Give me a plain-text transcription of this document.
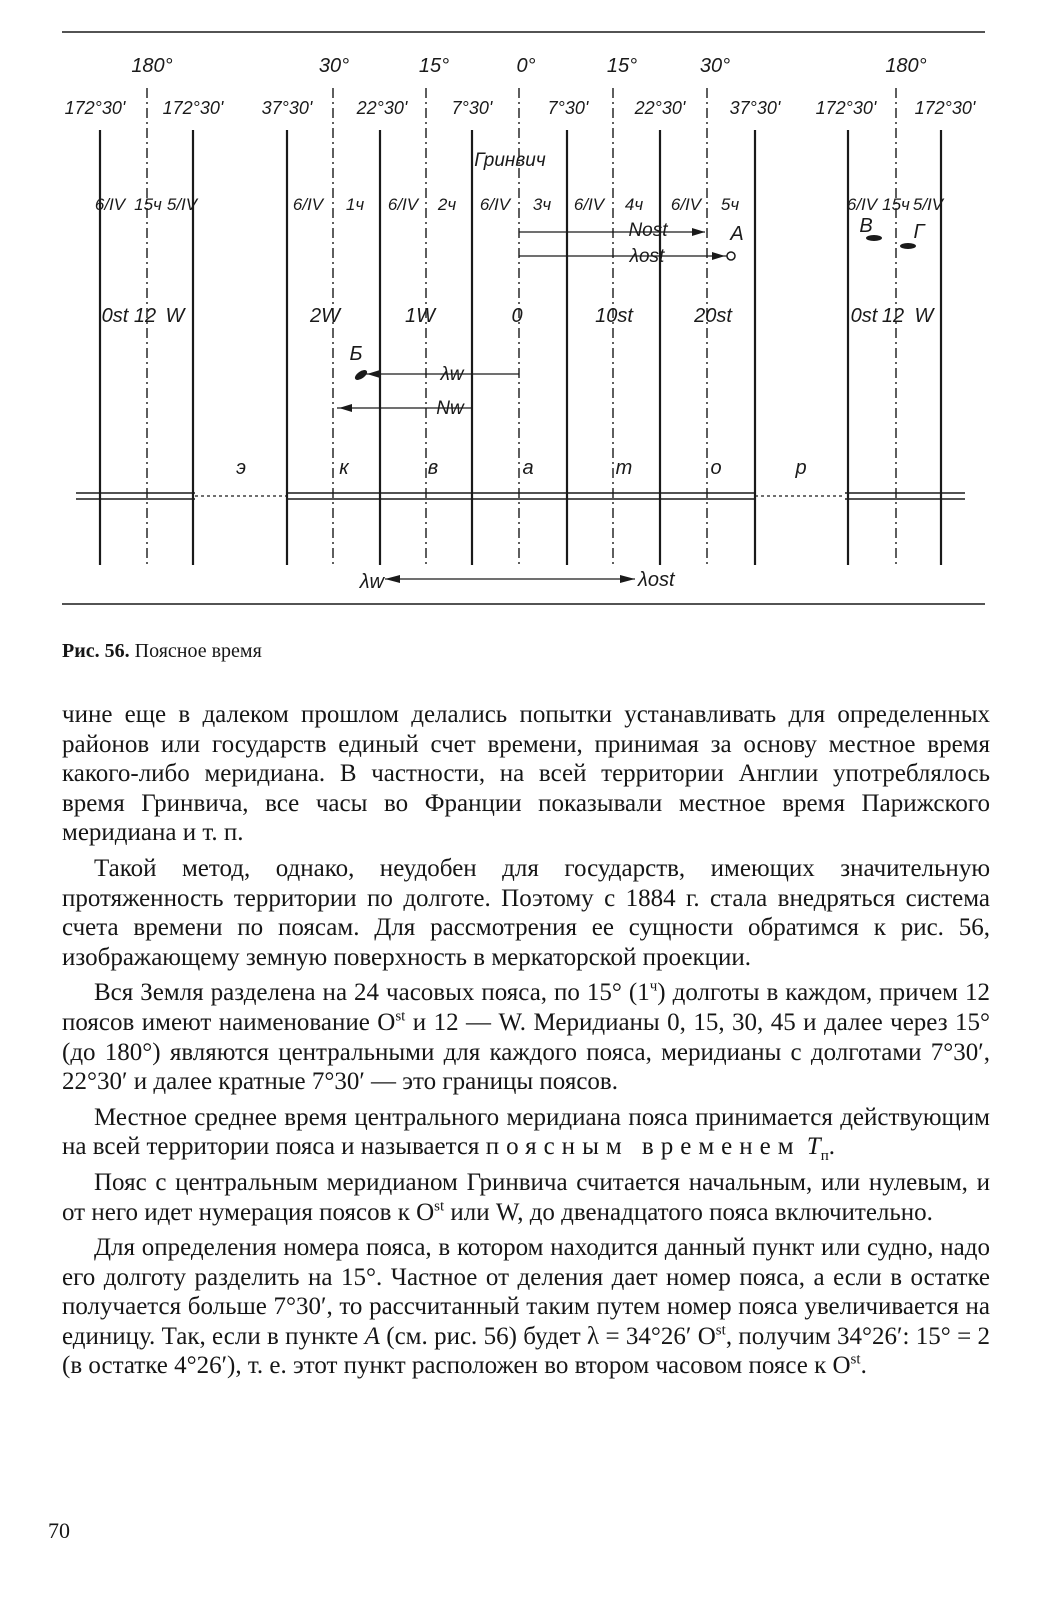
180°	30°	15°	0°	15°	30°	180°
172°30' 172°30' 37°30' 22°30' 7°30'	7°30'	22°30' 37°30' 172°30' 172°30'
Гринвич
6/IV 15ч 5/IV	6/IV 1ч 6/IV 2ч 6/IV 3ч 6/IV 4ч 6/IV 5ч	6/IV 15ч 5/IV
0st 12 W	2W	1W	0	10st	20st	0st 12 W
А
Б
В Г
Nost
λost
λw
Nw
э	к	в	а	т	о	р
λw	λost
Рис. 56. Поясное время

чине еще в далеком прошлом делались попытки устанавливать для определенных районов или государств единый счет времени, принимая за основу местное время какого-либо меридиана. В частности, на всей территории Англии употреблялось время Гринвича, все часы во Франции показывали местное время Парижского меридиана и т. п.

Такой метод, однако, неудобен для государств, имеющих значительную протяженность территории по долготе. Поэтому с 1884 г. стала внедряться система счета времени по поясам. Для рассмотрения ее сущности обратимся к рис. 56, изображающему земную поверхность в меркаторской проекции.

Вся Земля разделена на 24 часовых пояса, по 15° $(1^ч)$ долготы в каждом, причем 12 поясов имеют наименование $O^{st}$ и 12 — W. Меридианы 0, 15, 30, 45 и далее через 15° (до 180°) являются центральными для каждого пояса, меридианы с долготами 7°30′, 22°30′ и далее кратные 7°30′ — это границы поясов.

Местное среднее время центрального меридиана пояса принимается действующим на всей территории пояса и называется поясным временем $T_п$.

Пояс с центральным меридианом Гринвича считается начальным, или нулевым, и от него идет нумерация поясов к $O^{st}$ или W, до двенадцатого пояса включительно.

Для определения номера пояса, в котором находится данный пункт или судно, надо его долготу разделить на 15°. Частное от деления дает номер пояса, а если в остатке получается больше 7°30′, то рассчитанный таким путем номер пояса увеличивается на единицу. Так, если в пункте А (см. рис. 56) будет λ = 34°26′ $O^{st}$, получим 34°26′: 15° = 2 (в остатке 4°26′), т. е. этот пункт расположен во втором часовом поясе к $O^{st}$.

70
